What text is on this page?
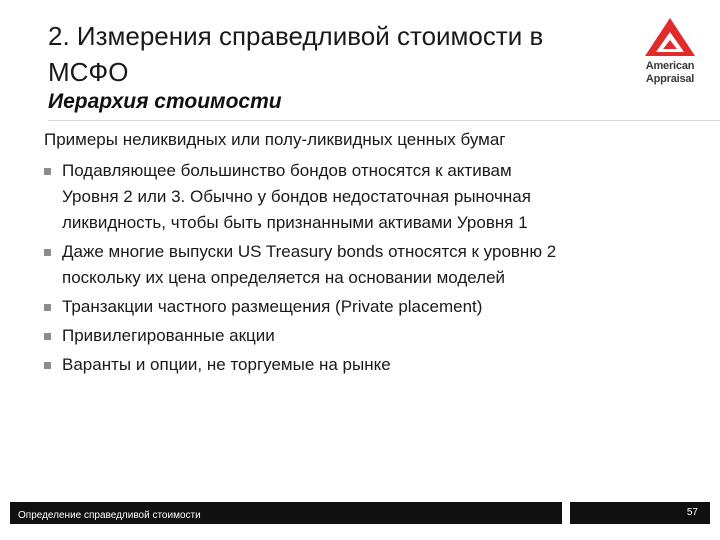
2. Измерения справедливой стоимости в МСФО	American
Appraisal
Иерархия стоимости

Примеры неликвидных или полу-ликвидных ценных бумаг

Подавляющее большинство бондов относятся к активам
Уровня 2 или 3. Обычно у бондов недостаточная рыночная
ликвидность, чтобы быть признанными активами Уровня 1
Даже многие выпуски US Treasury bonds относятся к уровню 2
поскольку их цена определяется на основании моделей
Транзакции частного размещения (Private placement)
Привилегированные акции
Варанты и опции, не торгуемые на рынке
Определение справедливой стоимости	57
